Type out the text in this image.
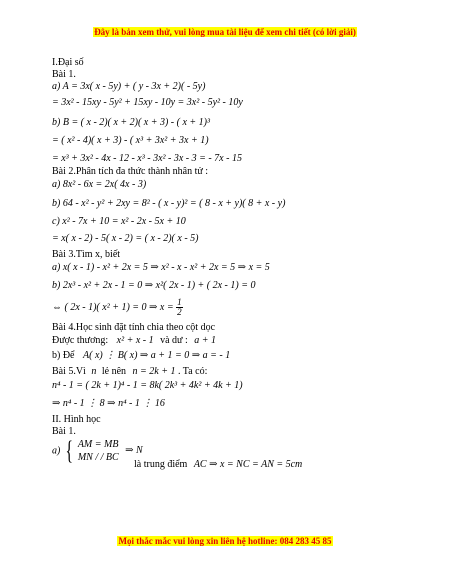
Đây là bản xem thử, vui lòng mua tài liệu để xem chi tiết (có lời giải)
I.Đại số
Bài 1.
a) A = 3x( x - 5y) + ( y - 3x + 2)( - 5y)
= 3x² - 15xy - 5y² + 15xy - 10y = 3x² - 5y² - 10y
b) B = ( x - 2)( x + 2)( x + 3) - ( x + 1)³
= ( x² - 4)( x + 3) - ( x³ + 3x² + 3x + 1)
= x³ + 3x² - 4x - 12 - x³ - 3x² - 3x - 3 = - 7x - 15
Bài 2.Phân tích đa thức thành nhân tử :
a) 8x² - 6x = 2x( 4x - 3)
b) 64 - x² - y² + 2xy = 8² - ( x - y)² = ( 8 - x + y)( 8 + x - y)
c) x² - 7x + 10 = x² - 2x - 5x + 10
= x( x - 2) - 5( x - 2) = ( x - 2)( x - 5)
Bài 3.Tìm x, biết
a) x( x - 1) - x² + 2x = 5 ⇒ x² - x - x² + 2x = 5 ⇒ x = 5
b) 2x³ - x² + 2x - 1 = 0 ⇒ x²( 2x - 1) + ( 2x - 1) = 0
⇔ ( 2x - 1)( x² + 1) = 0 ⇒ $x = \frac{1}{2}$
Bài 4.Học sinh đặt tính chia theo cột dọc
Được thương: x² + x - 1 và dư : a + 1
b) Để A( x) ⋮ B( x) ⇒ a + 1 = 0 ⇒ a = - 1
Bài 5.Vì n lẻ nên n = 2k + 1 . Ta có:
n⁴ - 1 = ( 2k + 1)⁴ - 1 = 8k( 2k³ + 4k² + 4k + 1)
⇒ n⁴ - 1 ⋮ 8 ⇒ n⁴ - 1 ⋮ 16
II. Hình học
Bài 1.
a) { AM = MB
MN / / BC
⇒ N
là trung điểm AC ⇒ x = NC = AN = 5cm
Mọi thắc mắc vui lòng xin liên hệ hotline: 084 283 45 85
